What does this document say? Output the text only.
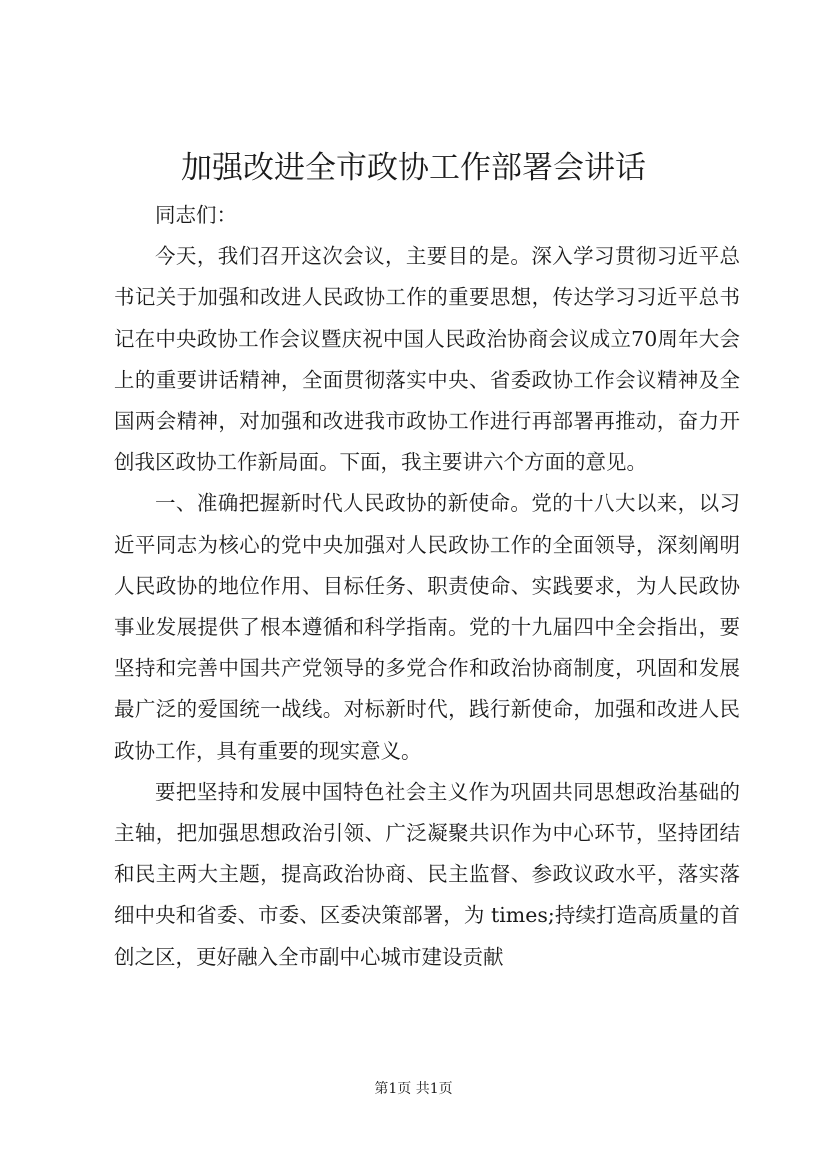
加强改进全市政协工作部署会讲话

同志们：

今天，我们召开这次会议，主要目的是。深入学习贯彻习近平总书记关于加强和改进人民政协工作的重要思想，传达学习习近平总书记在中央政协工作会议暨庆祝中国人民政治协商会议成立70周年大会上的重要讲话精神，全面贯彻落实中央、省委政协工作会议精神及全国两会精神，对加强和改进我市政协工作进行再部署再推动，奋力开创我区政协工作新局面。下面，我主要讲六个方面的意见。

一、准确把握新时代人民政协的新使命。党的十八大以来，以习近平同志为核心的党中央加强对人民政协工作的全面领导，深刻阐明人民政协的地位作用、目标任务、职责使命、实践要求，为人民政协事业发展提供了根本遵循和科学指南。党的十九届四中全会指出，要坚持和完善中国共产党领导的多党合作和政治协商制度，巩固和发展最广泛的爱国统一战线。对标新时代，践行新使命，加强和改进人民政协工作，具有重要的现实意义。

要把坚持和发展中国特色社会主义作为巩固共同思想政治基础的主轴，把加强思想政治引领、广泛凝聚共识作为中心环节，坚持团结和民主两大主题，提高政治协商、民主监督、参政议政水平，落实落细中央和省委、市委、区委决策部署，为 times;持续打造高质量的首创之区，更好融入全市副中心城市建设贡献

第1页 共1页
